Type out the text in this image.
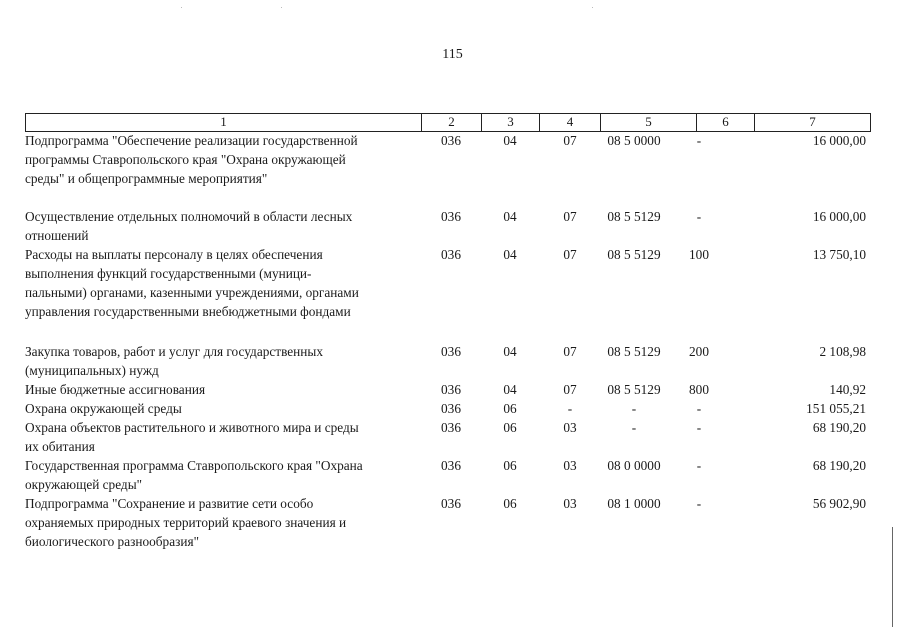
115
1	2	3	4	5	6	7
Подпрограмма "Обеспечение реализации государственной
программы Ставропольского края "Охрана окружающей
среды" и общепрограммные мероприятия"
036	04	07	08 5 0000	-	16 000,00
Осуществление отдельных полномочий в области лесных
отношений
036	04	07	08 5 5129	-	16 000,00
Расходы на выплаты персоналу в целях обеспечения
выполнения функций государственными (муници-
пальными) органами, казенными учреждениями, органами
управления государственными внебюджетными фондами
036	04	07	08 5 5129	100	13 750,10
Закупка товаров, работ и услуг для государственных
(муниципальных) нужд
036	04	07	08 5 5129	200	2 108,98
Иные бюджетные ассигнования	036	04	07	08 5 5129	800	140,92
Охрана окружающей среды	036	06	-	-	-	151 055,21
Охрана объектов растительного и животного мира и среды
их обитания
036	06	03	-	-	68 190,20
Государственная программа Ставропольского края "Охрана
окружающей среды"
036	06	03	08 0 0000	-	68 190,20
Подпрограмма "Сохранение и развитие сети особо
охраняемых природных территорий краевого значения и
биологического разнообразия"
036	06	03	08 1 0000	-	56 902,90
